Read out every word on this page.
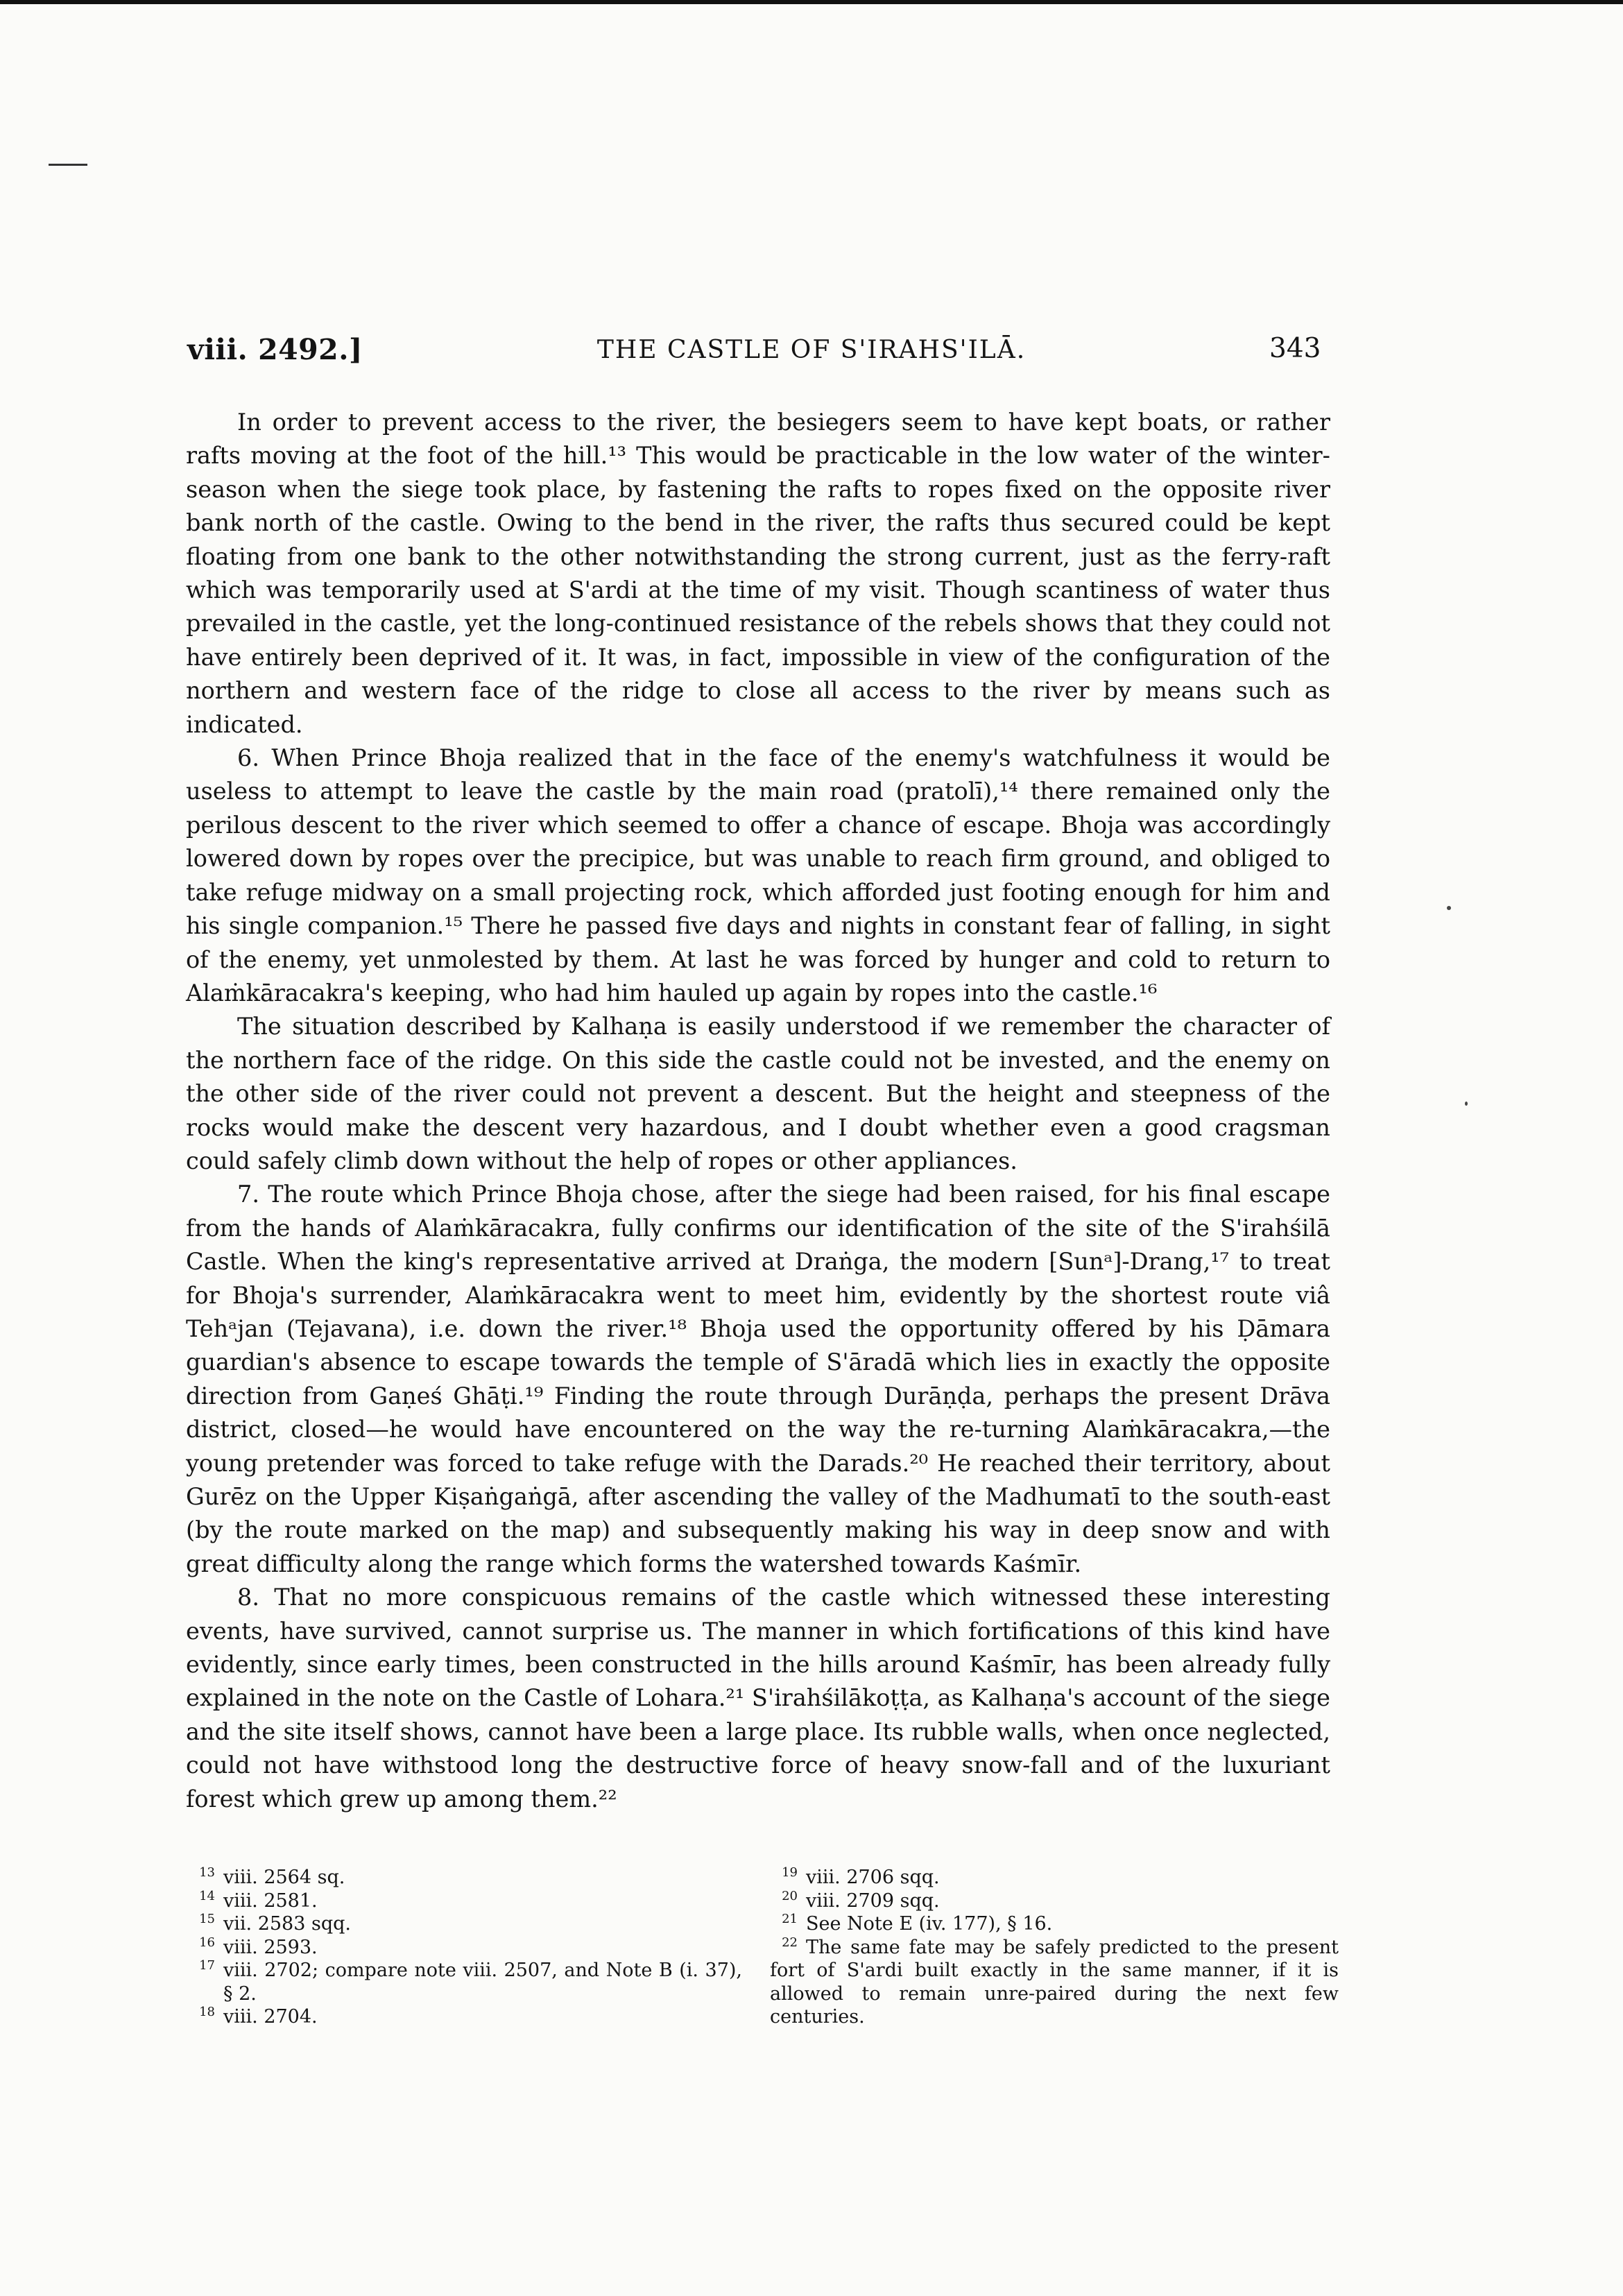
viii. 2492.]	THE CASTLE OF S'IRAHS'ILĀ.	343

In order to prevent access to the river, the besiegers seem to have kept boats, or rather rafts moving at the foot of the hill.¹³ This would be practicable in the low water of the winter-season when the siege took place, by fastening the rafts to ropes fixed on the opposite river bank north of the castle. Owing to the bend in the river, the rafts thus secured could be kept floating from one bank to the other notwithstanding the strong current, just as the ferry-raft which was temporarily used at S'ardi at the time of my visit. Though scantiness of water thus prevailed in the castle, yet the long-continued resistance of the rebels shows that they could not have entirely been deprived of it. It was, in fact, impossible in view of the configuration of the northern and western face of the ridge to close all access to the river by means such as indicated.

6. When Prince Bhoja realized that in the face of the enemy's watchfulness it would be useless to attempt to leave the castle by the main road (pratolī),¹⁴ there remained only the perilous descent to the river which seemed to offer a chance of escape. Bhoja was accordingly lowered down by ropes over the precipice, but was unable to reach firm ground, and obliged to take refuge midway on a small projecting rock, which afforded just footing enough for him and his single companion.¹⁵ There he passed five days and nights in constant fear of falling, in sight of the enemy, yet unmolested by them. At last he was forced by hunger and cold to return to Alaṁkāracakra's keeping, who had him hauled up again by ropes into the castle.¹⁶

The situation described by Kalhaṇa is easily understood if we remember the character of the northern face of the ridge. On this side the castle could not be invested, and the enemy on the other side of the river could not prevent a descent. But the height and steepness of the rocks would make the descent very hazardous, and I doubt whether even a good cragsman could safely climb down without the help of ropes or other appliances.

7. The route which Prince Bhoja chose, after the siege had been raised, for his final escape from the hands of Alaṁkāracakra, fully confirms our identification of the site of the S'irahśilā Castle. When the king's representative arrived at Draṅga, the modern [Sunᵃ]-Drang,¹⁷ to treat for Bhoja's surrender, Alaṁkāracakra went to meet him, evidently by the shortest route viâ Tehᵃjan (Tejavana), i.e. down the river.¹⁸ Bhoja used the opportunity offered by his Ḍāmara guardian's absence to escape towards the temple of S'āradā which lies in exactly the opposite direction from Gaṇeś Ghāṭi.¹⁹ Finding the route through Durāṇḍa, perhaps the present Drāva district, closed—he would have encountered on the way the re-turning Alaṁkāracakra,—the young pretender was forced to take refuge with the Darads.²⁰ He reached their territory, about Gurēz on the Upper Kiṣaṅgaṅgā, after ascending the valley of the Madhumatī to the south-east (by the route marked on the map) and subsequently making his way in deep snow and with great difficulty along the range which forms the watershed towards Kaśmīr.

8. That no more conspicuous remains of the castle which witnessed these interesting events, have survived, cannot surprise us. The manner in which fortifications of this kind have evidently, since early times, been constructed in the hills around Kaśmīr, has been already fully explained in the note on the Castle of Lohara.²¹ S'irahśilākoṭṭa, as Kalhaṇa's account of the siege and the site itself shows, cannot have been a large place. Its rubble walls, when once neglected, could not have withstood long the destructive force of heavy snow-fall and of the luxuriant forest which grew up among them.²²

13 viii. 2564 sq.
14 viii. 2581.
15 vii. 2583 sqq.
16 viii. 2593.
17 viii. 2702; compare note viii. 2507, and Note B (i. 37), § 2.
18 viii. 2704.
19 viii. 2706 sqq.
20 viii. 2709 sqq.
21 See Note E (iv. 177), § 16.
22 The same fate may be safely predicted to the present fort of S'ardi built exactly in the same manner, if it is allowed to remain unre-paired during the next few centuries.
